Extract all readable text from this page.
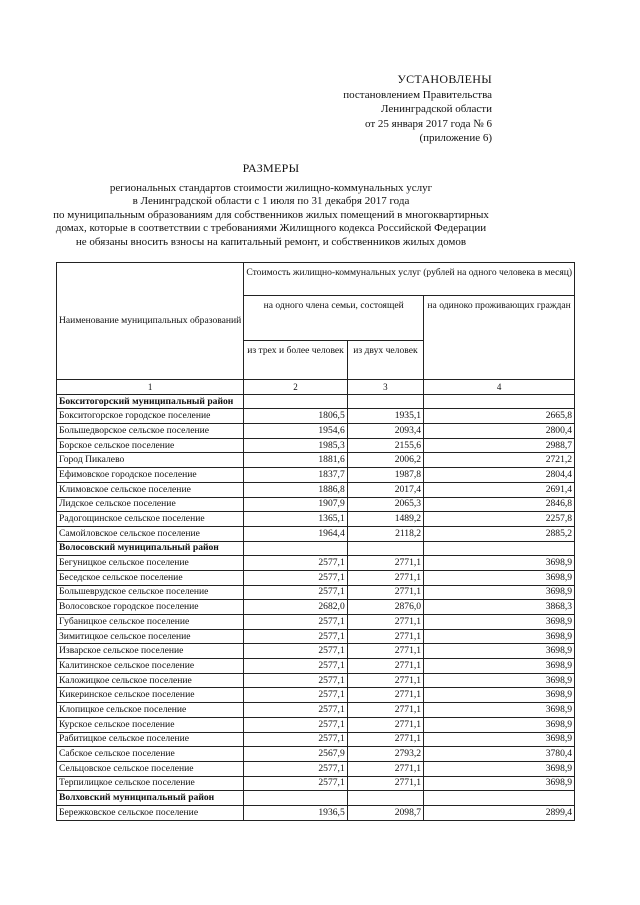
УСТАНОВЛЕНЫ
постановлением Правительства
Ленинградской области
от 25 января 2017 года № 6
(приложение 6)
РАЗМЕРЫ
региональных стандартов стоимости жилищно-коммунальных услуг
в Ленинградской области с 1 июля по 31 декабря 2017 года
по муниципальным образованиям для собственников жилых помещений в многоквартирных
домах, которые в соответствии с требованиями Жилищного кодекса Российской Федерации
не обязаны вносить взносы на капитальный ремонт, и собственников жилых домов
Наименование муниципальных образований	Стоимость жилищно-коммунальных услуг (рублей на одного человека в месяц)		
	на одного члена семьи, состоящей		на одиноко проживающих граждан
	из трех и более человек	из двух человек	
1	2	3	4
Бокситогорский муниципальный район			
Бокситогорское городское поселение	1806,5	1935,1	2665,8
Большедворское сельское поселение	1954,6	2093,4	2800,4
Борское сельское поселение	1985,3	2155,6	2988,7
Город Пикалево	1881,6	2006,2	2721,2
Ефимовское городское поселение	1837,7	1987,8	2804,4
Климовское сельское поселение	1886,8	2017,4	2691,4
Лидское сельское поселение	1907,9	2065,3	2846,8
Радогощинское сельское поселение	1365,1	1489,2	2257,8
Самойловское сельское поселение	1964,4	2118,2	2885,2
Волосовский муниципальный район			
Бегуницкое сельское поселение	2577,1	2771,1	3698,9
Беседское сельское поселение	2577,1	2771,1	3698,9
Большеврудское сельское поселение	2577,1	2771,1	3698,9
Волосовское городское поселение	2682,0	2876,0	3868,3
Губаницкое сельское поселение	2577,1	2771,1	3698,9
Зимитицкое сельское поселение	2577,1	2771,1	3698,9
Изварское сельское поселение	2577,1	2771,1	3698,9
Калитинское сельское поселение	2577,1	2771,1	3698,9
Каложицкое сельское поселение	2577,1	2771,1	3698,9
Кикеринское сельское поселение	2577,1	2771,1	3698,9
Клопицкое сельское поселение	2577,1	2771,1	3698,9
Курское сельское поселение	2577,1	2771,1	3698,9
Рабитицкое сельское поселение	2577,1	2771,1	3698,9
Сабское сельское поселение	2567,9	2793,2	3780,4
Сельцовское сельское поселение	2577,1	2771,1	3698,9
Терпилицкое сельское поселение	2577,1	2771,1	3698,9
Волховский муниципальный район			
Бережковское сельское поселение	1936,5	2098,7	2899,4
